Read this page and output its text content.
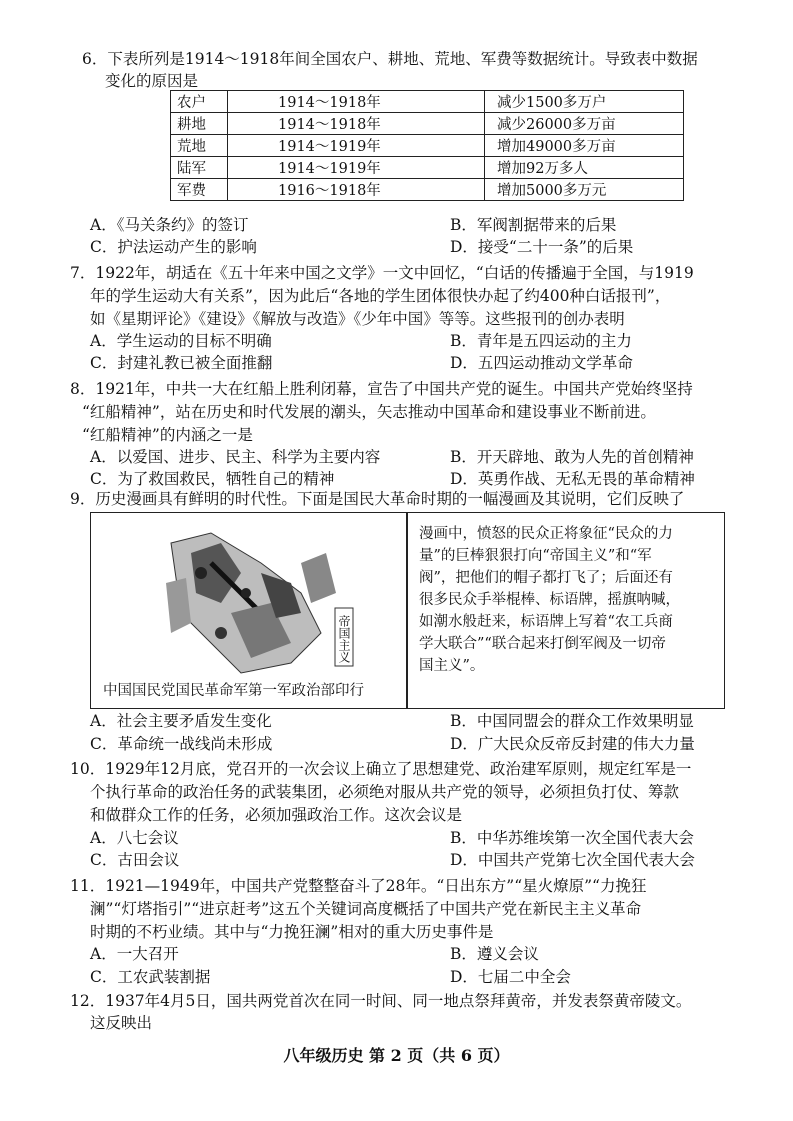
6．下表所列是1914～1918年间全国农户、耕地、荒地、军费等数据统计。导致表中数据
变化的原因是
农户	1914～1918年	减少1500多万户
耕地	1914～1918年	减少26000多万亩
荒地	1914～1919年	增加49000多万亩
陆军	1914～1919年	增加92万多人
军费	1916～1918年	增加5000多万元
A．《马关条约》的签订	B．军阀割据带来的后果
C．护法运动产生的影响	D．接受“二十一条”的后果
7．1922年，胡适在《五十年来中国之文学》一文中回忆，“白话的传播遍于全国，与1919
年的学生运动大有关系”，因为此后“各地的学生团体很快办起了约400种白话报刊”，
如《星期评论》《建设》《解放与改造》《少年中国》等等。这些报刊的创办表明
A．学生运动的目标不明确	B．青年是五四运动的主力
C．封建礼教已被全面推翻	D．五四运动推动文学革命
8．1921年，中共一大在红船上胜利闭幕，宣告了中国共产党的诞生。中国共产党始终坚持
“红船精神”，站在历史和时代发展的潮头，矢志推动中国革命和建设事业不断前进。
“红船精神”的内涵之一是
A．以爱国、进步、民主、科学为主要内容	B．开天辟地、敢为人先的首创精神
C．为了救国救民，牺牲自己的精神	D．英勇作战、无私无畏的革命精神
9．历史漫画具有鲜明的时代性。下面是国民大革命时期的一幅漫画及其说明，它们反映了
帝国主义
中国国民党国民革命军第一军政治部印行
漫画中，愤怒的民众正将象征“民众的力
量”的巨棒狠狠打向“帝国主义”和“军
阀”，把他们的帽子都打飞了；后面还有
很多民众手举棍棒、标语牌，摇旗呐喊，
如潮水般赶来，标语牌上写着“农工兵商
学大联合”“联合起来打倒军阀及一切帝
国主义”。
A．社会主要矛盾发生变化	B．中国同盟会的群众工作效果明显
C．革命统一战线尚未形成	D．广大民众反帝反封建的伟大力量
10．1929年12月底，党召开的一次会议上确立了思想建党、政治建军原则，规定红军是一
个执行革命的政治任务的武装集团，必须绝对服从共产党的领导，必须担负打仗、筹款
和做群众工作的任务，必须加强政治工作。这次会议是
A．八七会议	B．中华苏维埃第一次全国代表大会
C．古田会议	D．中国共产党第七次全国代表大会
11．1921—1949年，中国共产党整整奋斗了28年。“日出东方”“星火燎原”“力挽狂
澜”“灯塔指引”“进京赶考”这五个关键词高度概括了中国共产党在新民主主义革命
时期的不朽业绩。其中与“力挽狂澜”相对的重大历史事件是
A．一大召开	B．遵义会议
C．工农武装割据	D．七届二中全会
12．1937年4月5日，国共两党首次在同一时间、同一地点祭拜黄帝，并发表祭黄帝陵文。
这反映出
八年级历史 第 2 页（共 6 页）
